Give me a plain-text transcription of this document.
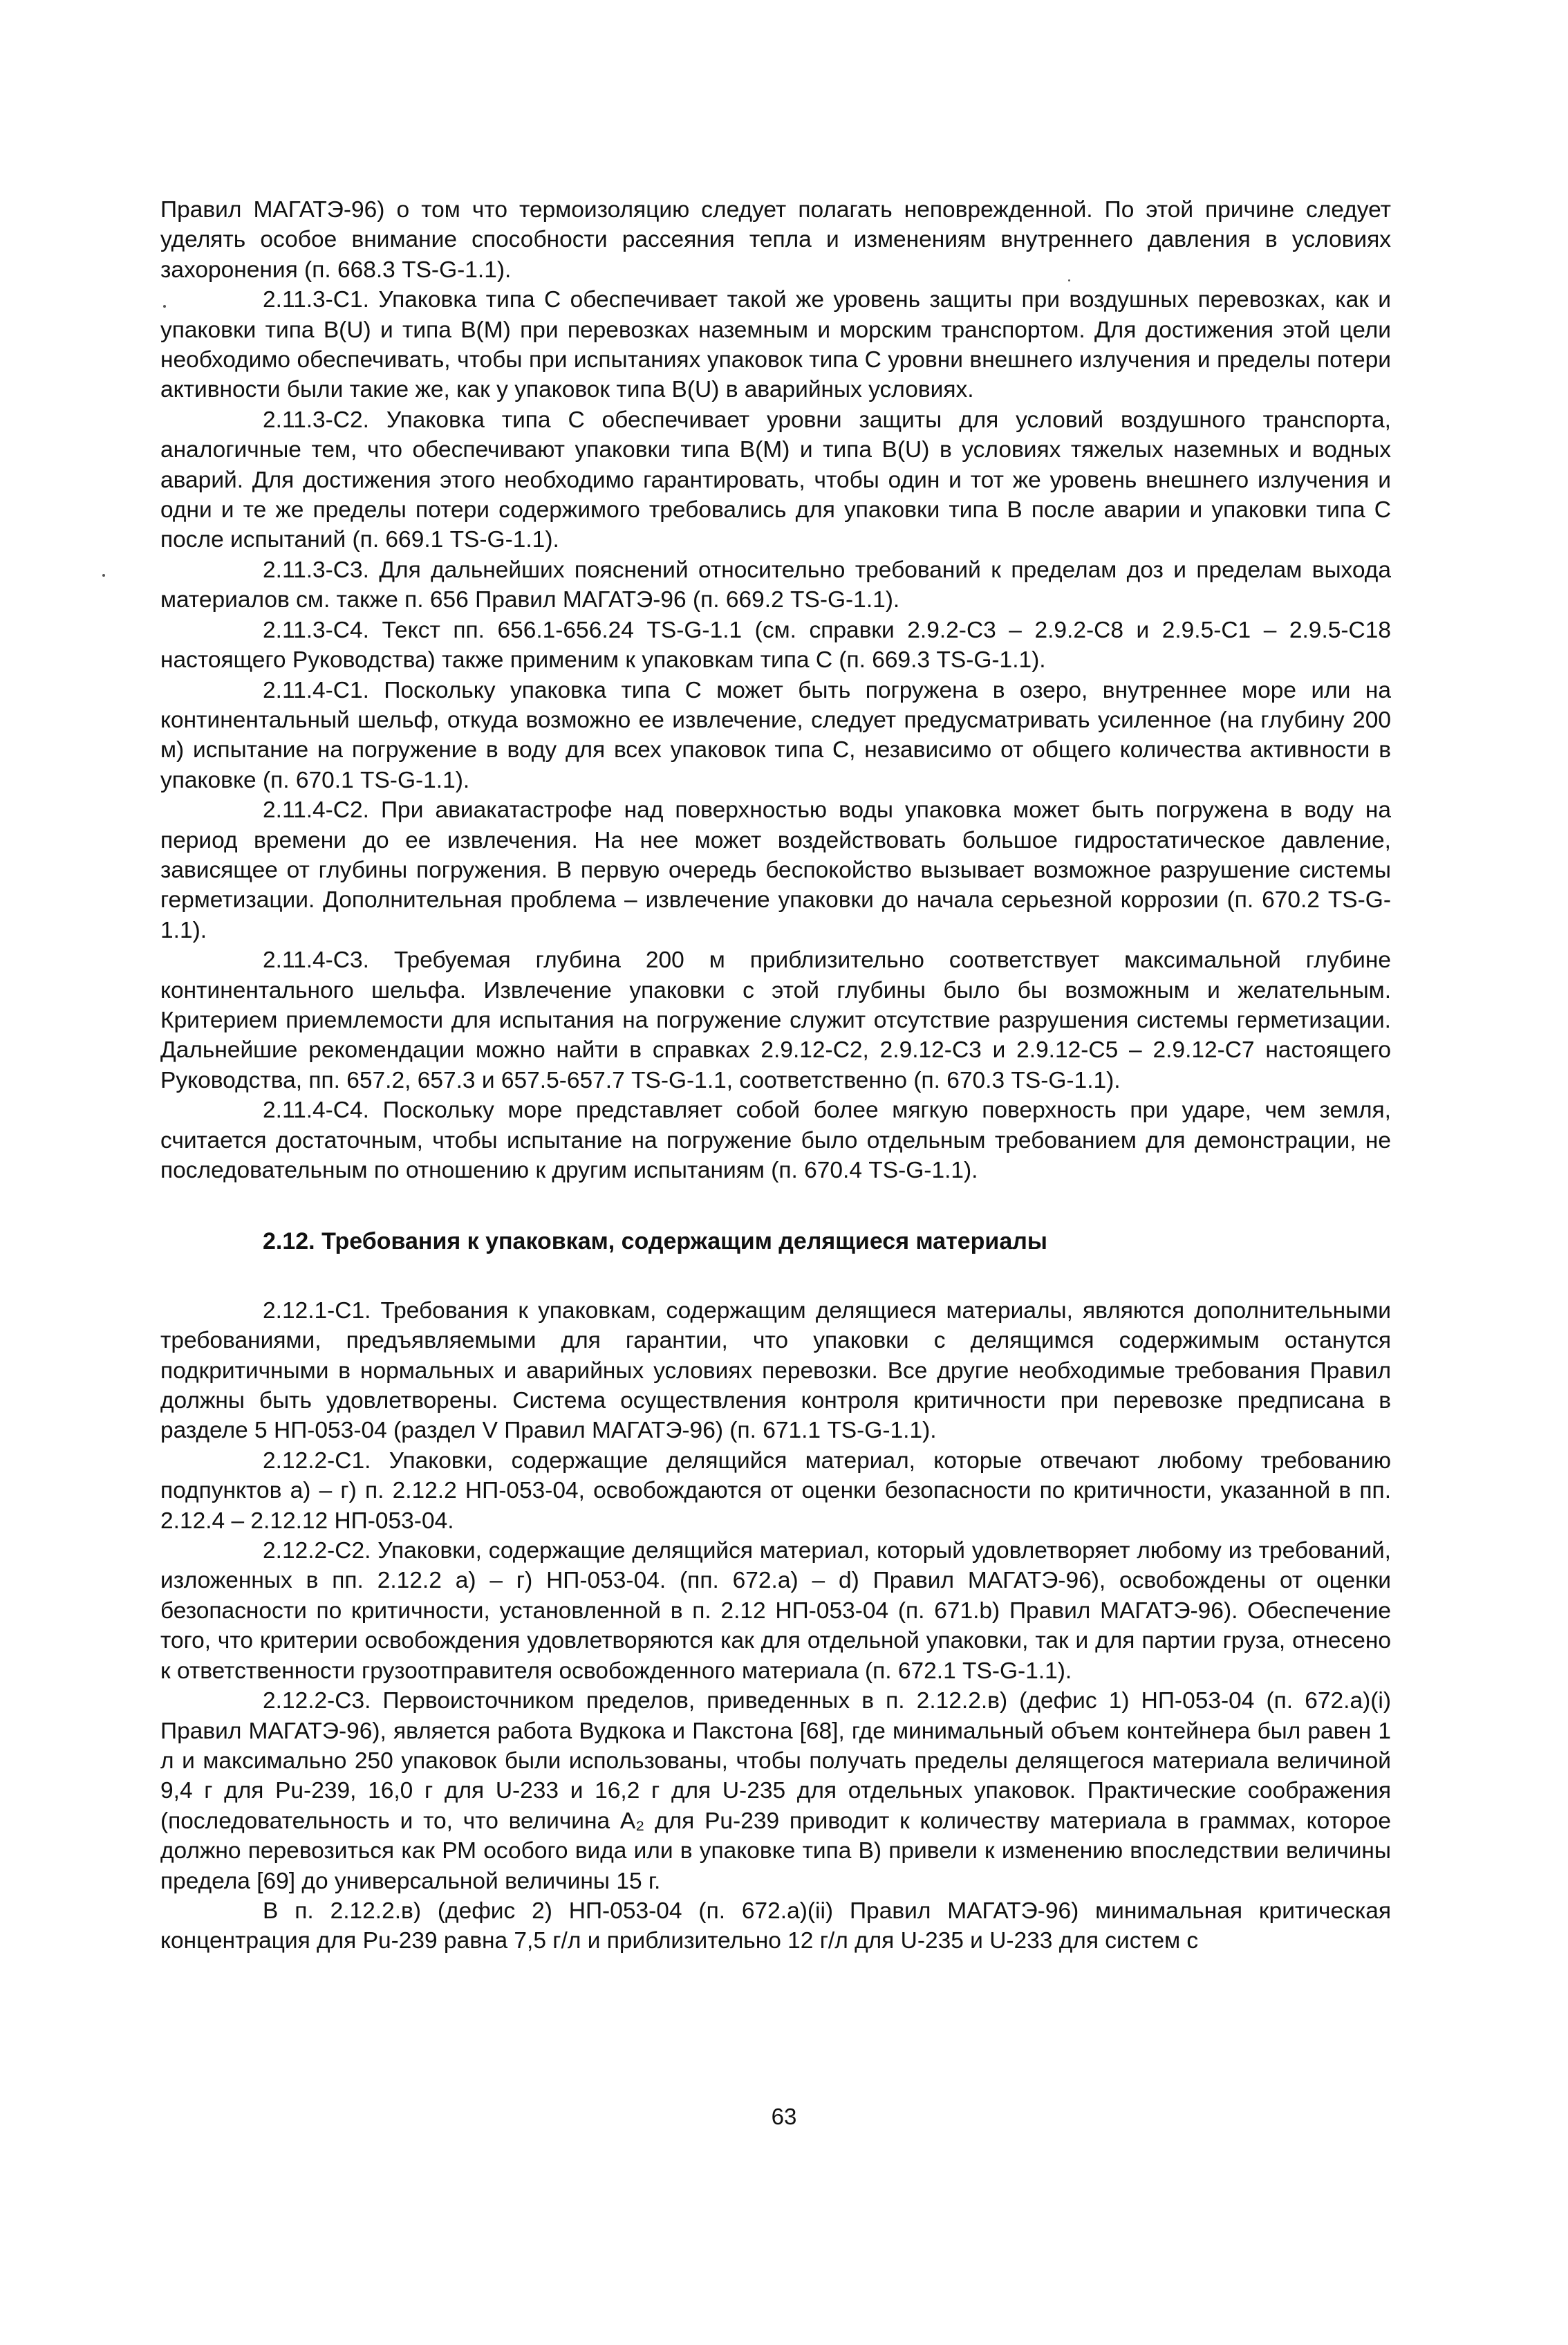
Правил МАГАТЭ-96) о том что термоизоляцию следует полагать неповрежденной. По этой причине следует уделять особое внимание способности рассеяния тепла и изменениям внутреннего давления в условиях захоронения (п. 668.3 TS-G-1.1).

2.11.3-С1. Упаковка типа С обеспечивает такой же уровень защиты при воздушных перевозках, как и упаковки типа B(U) и типа B(M) при перевозках наземным и морским транспортом. Для достижения этой цели необходимо обеспечивать, чтобы при испытаниях упаковок типа С уровни внешнего излучения и пределы потери активности были такие же, как у упаковок типа B(U) в аварийных условиях.

2.11.3-С2. Упаковка типа С обеспечивает уровни защиты для условий воздушного транспорта, аналогичные тем, что обеспечивают упаковки типа B(M) и типа B(U) в условиях тяжелых наземных и водных аварий. Для достижения этого необходимо гарантировать, чтобы один и тот же уровень внешнего излучения и одни и те же пределы потери содержимого требовались для упаковки типа В после аварии и упаковки типа С после испытаний (п. 669.1 TS-G-1.1).

2.11.3-С3. Для дальнейших пояснений относительно требований к пределам доз и пределам выхода материалов см. также п. 656 Правил МАГАТЭ-96 (п. 669.2 TS-G-1.1).

2.11.3-С4. Текст пп. 656.1-656.24 TS-G-1.1 (см. справки 2.9.2-С3 – 2.9.2-С8 и 2.9.5-С1 – 2.9.5-С18 настоящего Руководства) также применим к упаковкам типа С (п. 669.3 TS-G-1.1).

2.11.4-С1. Поскольку упаковка типа С может быть погружена в озеро, внутреннее море или на континентальный шельф, откуда возможно ее извлечение, следует предусматривать усиленное (на глубину 200 м) испытание на погружение в воду для всех упаковок типа С, независимо от общего количества активности в упаковке (п. 670.1 TS-G-1.1).

2.11.4-С2. При авиакатастрофе над поверхностью воды упаковка может быть погружена в воду на период времени до ее извлечения. На нее может воздействовать большое гидростатическое давление, зависящее от глубины погружения. В первую очередь беспокойство вызывает возможное разрушение системы герметизации. Дополнительная проблема – извлечение упаковки до начала серьезной коррозии (п. 670.2 TS-G-1.1).

2.11.4-С3. Требуемая глубина 200 м приблизительно соответствует максимальной глубине континентального шельфа. Извлечение упаковки с этой глубины было бы возможным и желательным. Критерием приемлемости для испытания на погружение служит отсутствие разрушения системы герметизации. Дальнейшие рекомендации можно найти в справках 2.9.12-С2, 2.9.12-С3 и 2.9.12-С5 – 2.9.12-С7 настоящего Руководства, пп. 657.2, 657.3 и 657.5-657.7 TS-G-1.1, соответственно (п. 670.3 TS-G-1.1).

2.11.4-С4. Поскольку море представляет собой более мягкую поверхность при ударе, чем земля, считается достаточным, чтобы испытание на погружение было отдельным требованием для демонстрации, не последовательным по отношению к другим испытаниям (п. 670.4 TS-G-1.1).

2.12. Требования к упаковкам, содержащим делящиеся материалы

2.12.1-С1. Требования к упаковкам, содержащим делящиеся материалы, являются дополнительными требованиями, предъявляемыми для гарантии, что упаковки с делящимся содержимым останутся подкритичными в нормальных и аварийных условиях перевозки. Все другие необходимые требования Правил должны быть удовлетворены. Система осуществления контроля критичности при перевозке предписана в разделе 5 НП-053-04 (раздел V Правил МАГАТЭ-96) (п. 671.1 TS-G-1.1).

2.12.2-С1. Упаковки, содержащие делящийся материал, которые отвечают любому требованию подпунктов а) – г) п. 2.12.2 НП-053-04, освобождаются от оценки безопасности по критичности, указанной в пп. 2.12.4 – 2.12.12 НП-053-04.

2.12.2-С2. Упаковки, содержащие делящийся материал, который удовлетворяет любому из требований, изложенных в пп. 2.12.2 а) – г) НП-053-04. (пп. 672.a) – d) Правил МАГАТЭ-96), освобождены от оценки безопасности по критичности, установленной в п. 2.12 НП-053-04 (п. 671.b) Правил МАГАТЭ-96). Обеспечение того, что критерии освобождения удовлетворяются как для отдельной упаковки, так и для партии груза, отнесено к ответственности грузоотправителя освобожденного материала (п. 672.1 TS-G-1.1).

2.12.2-С3. Первоисточником пределов, приведенных в п. 2.12.2.в) (дефис 1) НП-053-04 (п. 672.a)(i) Правил МАГАТЭ-96), является работа Вудкока и Пакстона [68], где минимальный объем контейнера был равен 1 л и максимально 250 упаковок были использованы, чтобы получать пределы делящегося материала величиной 9,4 г для Pu-239, 16,0 г для U-233 и 16,2 г для U-235 для отдельных упаковок. Практические соображения (последовательность и то, что величина A₂ для Pu-239 приводит к количеству материала в граммах, которое должно перевозиться как РМ особого вида или в упаковке типа В) привели к изменению впоследствии величины предела [69] до универсальной величины 15 г.

В п. 2.12.2.в) (дефис 2) НП-053-04 (п. 672.a)(ii) Правил МАГАТЭ-96) минимальная критическая концентрация для Pu-239 равна 7,5 г/л и приблизительно 12 г/л для U-235 и U-233 для систем с

63
